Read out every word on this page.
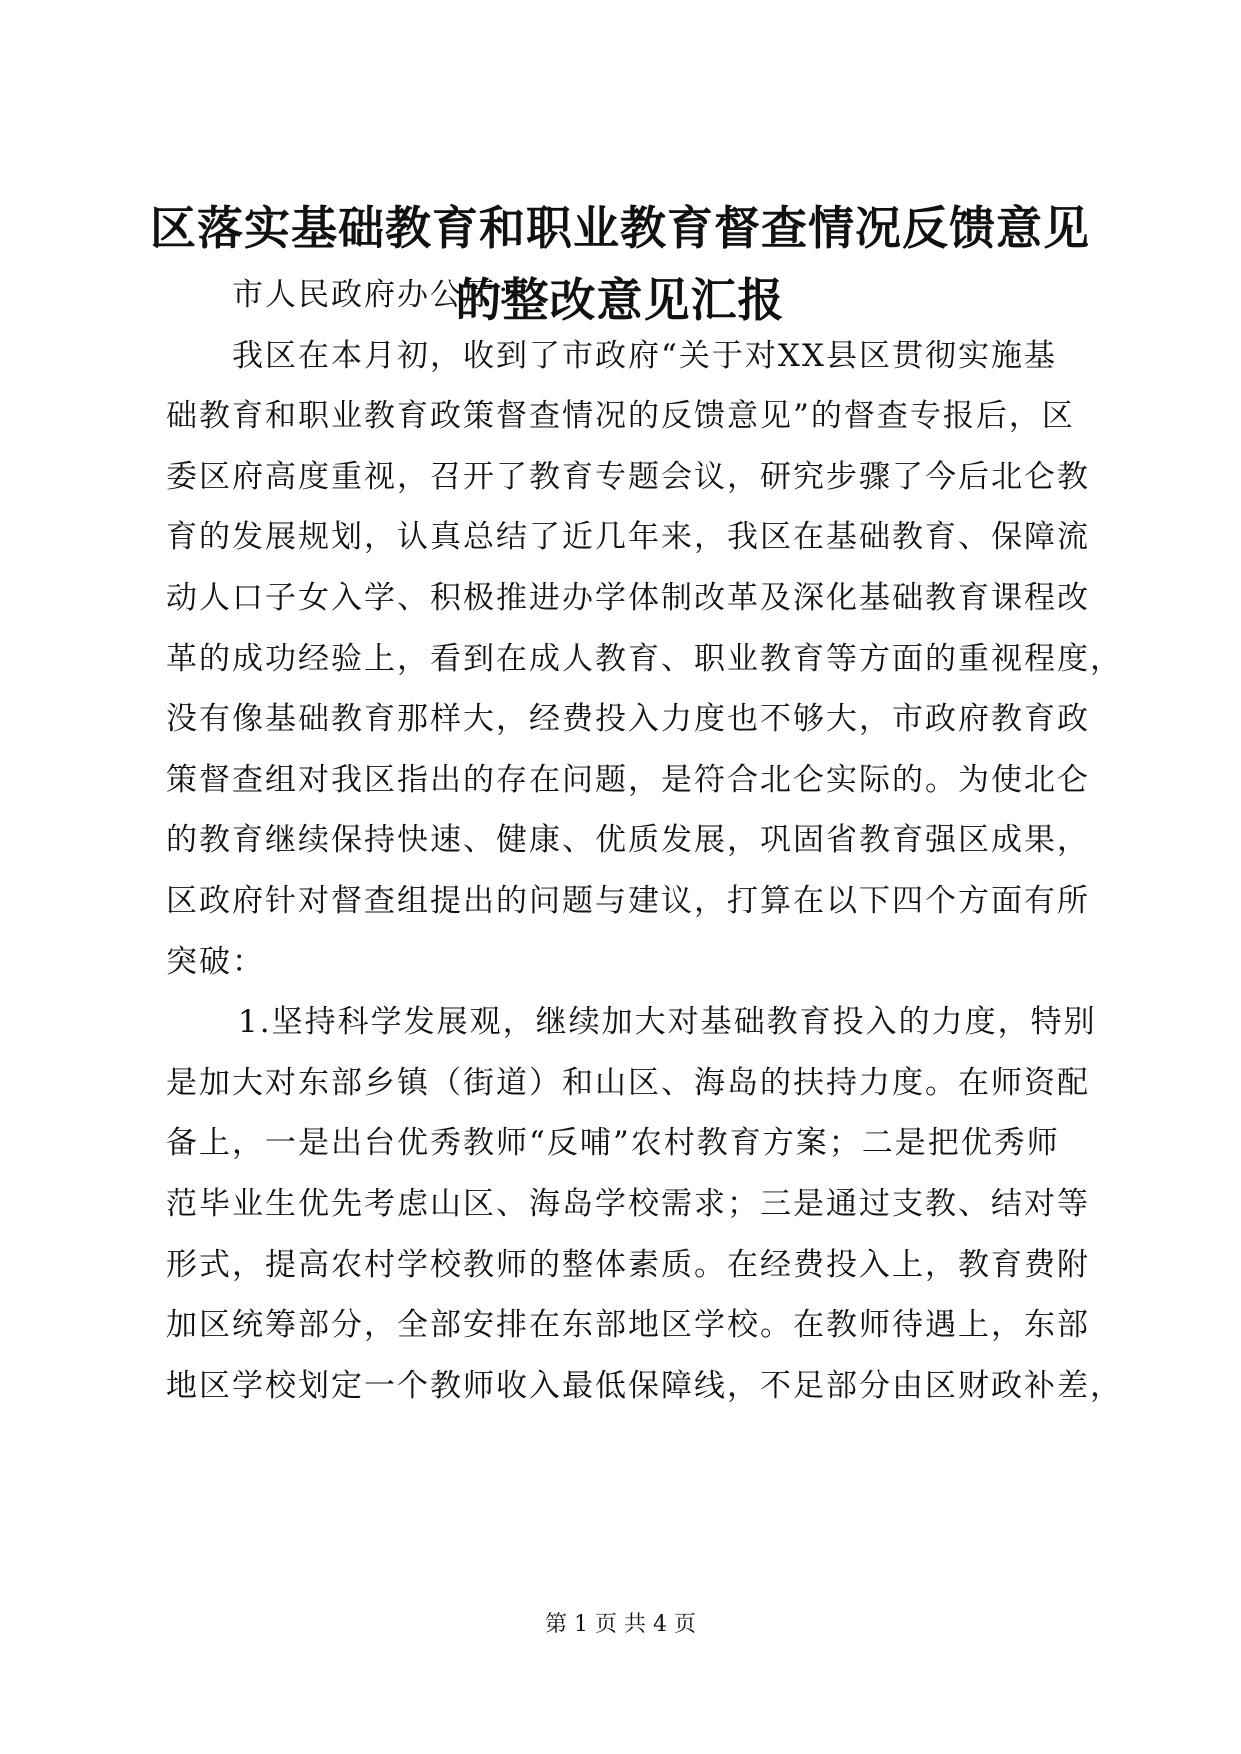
区落实基础教育和职业教育督查情况反馈意见
的整改意见汇报
市人民政府办公厅：
我区在本月初，收到了市政府“关于对XX县区贯彻实施基
础教育和职业教育政策督查情况的反馈意见”的督查专报后，区
委区府高度重视，召开了教育专题会议，研究步骤了今后北仑教
育的发展规划，认真总结了近几年来，我区在基础教育、保障流
动人口子女入学、积极推进办学体制改革及深化基础教育课程改
革的成功经验上，看到在成人教育、职业教育等方面的重视程度，
没有像基础教育那样大，经费投入力度也不够大，市政府教育政
策督查组对我区指出的存在问题，是符合北仑实际的。为使北仑
的教育继续保持快速、健康、优质发展，巩固省教育强区成果，
区政府针对督查组提出的问题与建议，打算在以下四个方面有所
突破：
1.坚持科学发展观，继续加大对基础教育投入的力度，特别
是加大对东部乡镇（街道）和山区、海岛的扶持力度。在师资配
备上，一是出台优秀教师“反哺”农村教育方案；二是把优秀师
范毕业生优先考虑山区、海岛学校需求；三是通过支教、结对等
形式，提高农村学校教师的整体素质。在经费投入上，教育费附
加区统筹部分，全部安排在东部地区学校。在教师待遇上，东部
地区学校划定一个教师收入最低保障线，不足部分由区财政补差，
第 1 页 共 4 页
